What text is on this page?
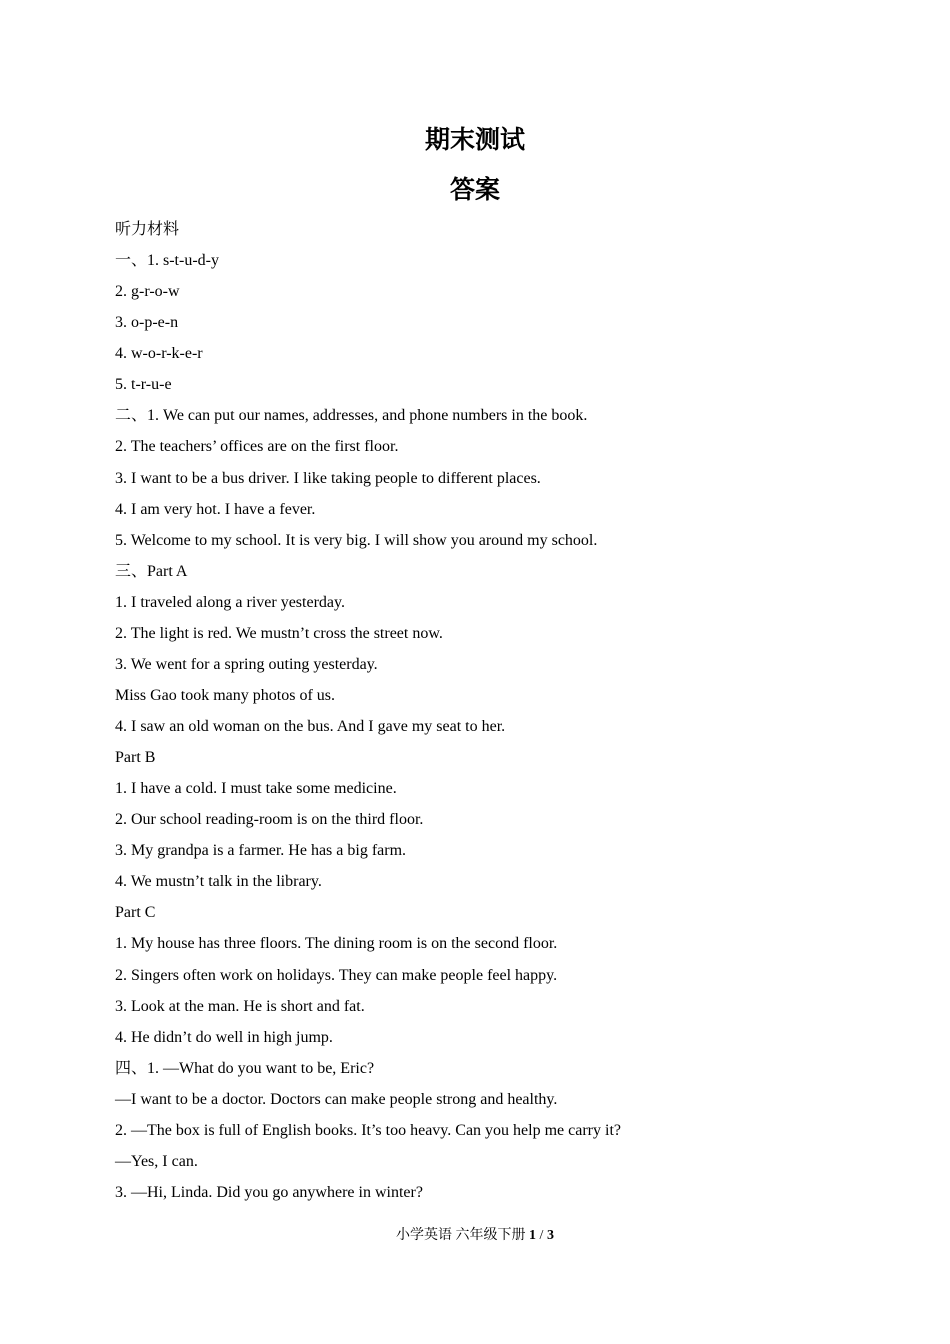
期末测试
答案
听力材料
一、1. s-t-u-d-y
2. g-r-o-w
3. o-p-e-n
4. w-o-r-k-e-r
5. t-r-u-e
二、1. We can put our names, addresses, and phone numbers in the book.
2. The teachers’ offices are on the first floor.
3. I want to be a bus driver. I like taking people to different places.
4. I am very hot. I have a fever.
5. Welcome to my school. It is very big. I will show you around my school.
三、Part A
1. I traveled along a river yesterday.
2. The light is red. We mustn’t cross the street now.
3. We went for a spring outing yesterday.
Miss Gao took many photos of us.
4. I saw an old woman on the bus. And I gave my seat to her.
Part B
1. I have a cold. I must take some medicine.
2. Our school reading-room is on the third floor.
3. My grandpa is a farmer. He has a big farm.
4. We mustn’t talk in the library.
Part C
1. My house has three floors. The dining room is on the second floor.
2. Singers often work on holidays. They can make people feel happy.
3. Look at the man. He is short and fat.
4. He didn’t do well in high jump.
四、1. —What do you want to be, Eric?
—I want to be a doctor. Doctors can make people strong and healthy.
2. —The box is full of English books. It’s too heavy. Can you help me carry it?
—Yes, I can.
3. —Hi, Linda. Did you go anywhere in winter?
小学英语 六年级下册 1 / 3
